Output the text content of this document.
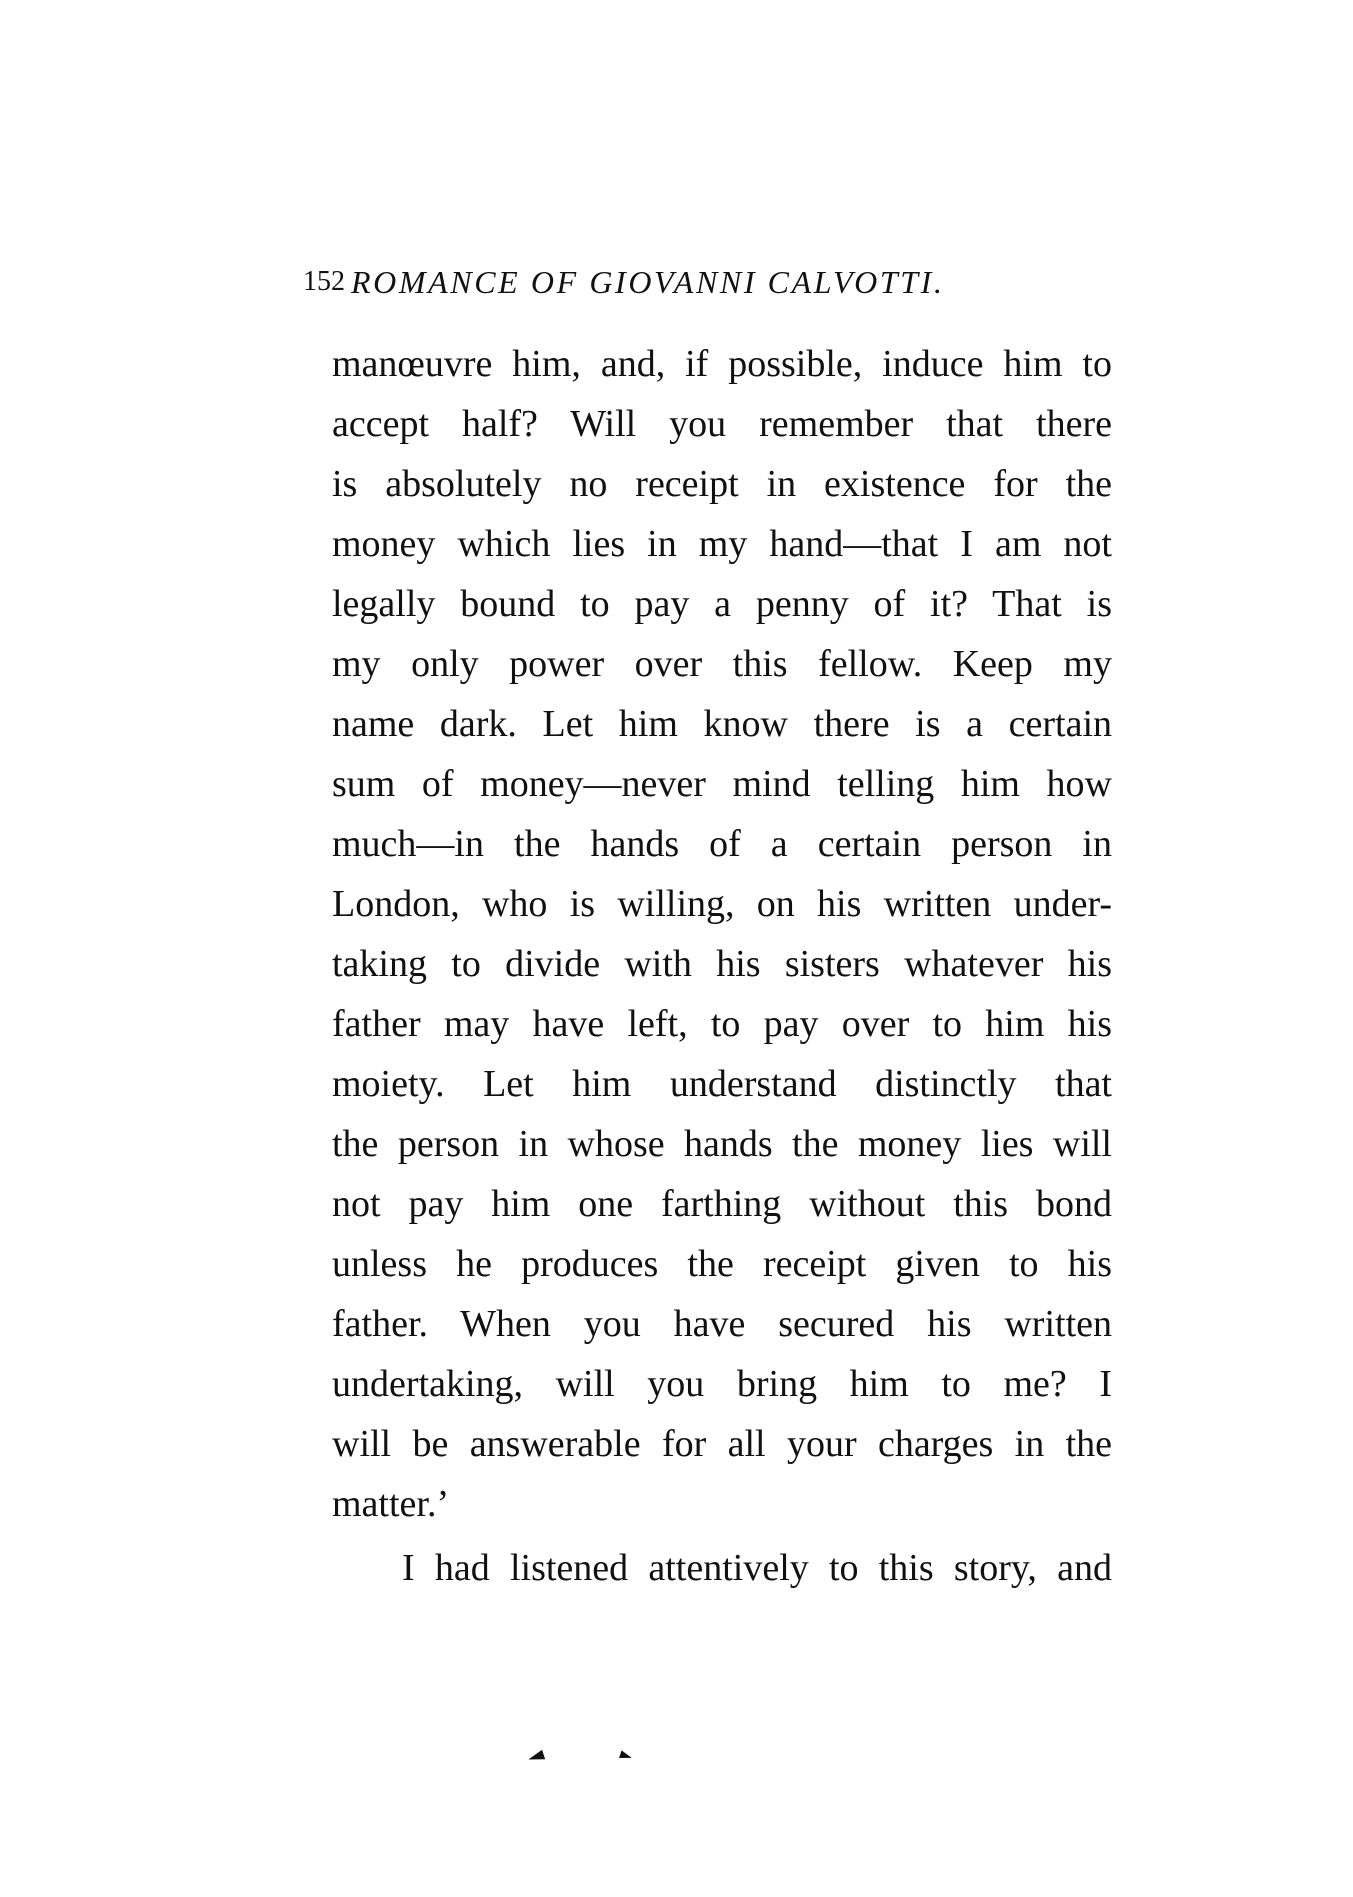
152 ROMANCE OF GIOVANNI CALVOTTI.
manœuvre him, and, if possible, induce him to
accept half? Will you remember that there
is absolutely no receipt in existence for the
money which lies in my hand—that I am not
legally bound to pay a penny of it? That is
my only power over this fellow. Keep my
name dark. Let him know there is a certain
sum of money—never mind telling him how
much—in the hands of a certain person in
London, who is willing, on his written under-
taking to divide with his sisters whatever his
father may have left, to pay over to him his
moiety. Let him understand distinctly that
the person in whose hands the money lies will
not pay him one farthing without this bond
unless he produces the receipt given to his
father. When you have secured his written
undertaking, will you bring him to me? I
will be answerable for all your charges in the
matter.’
I had listened attentively to this story, and
